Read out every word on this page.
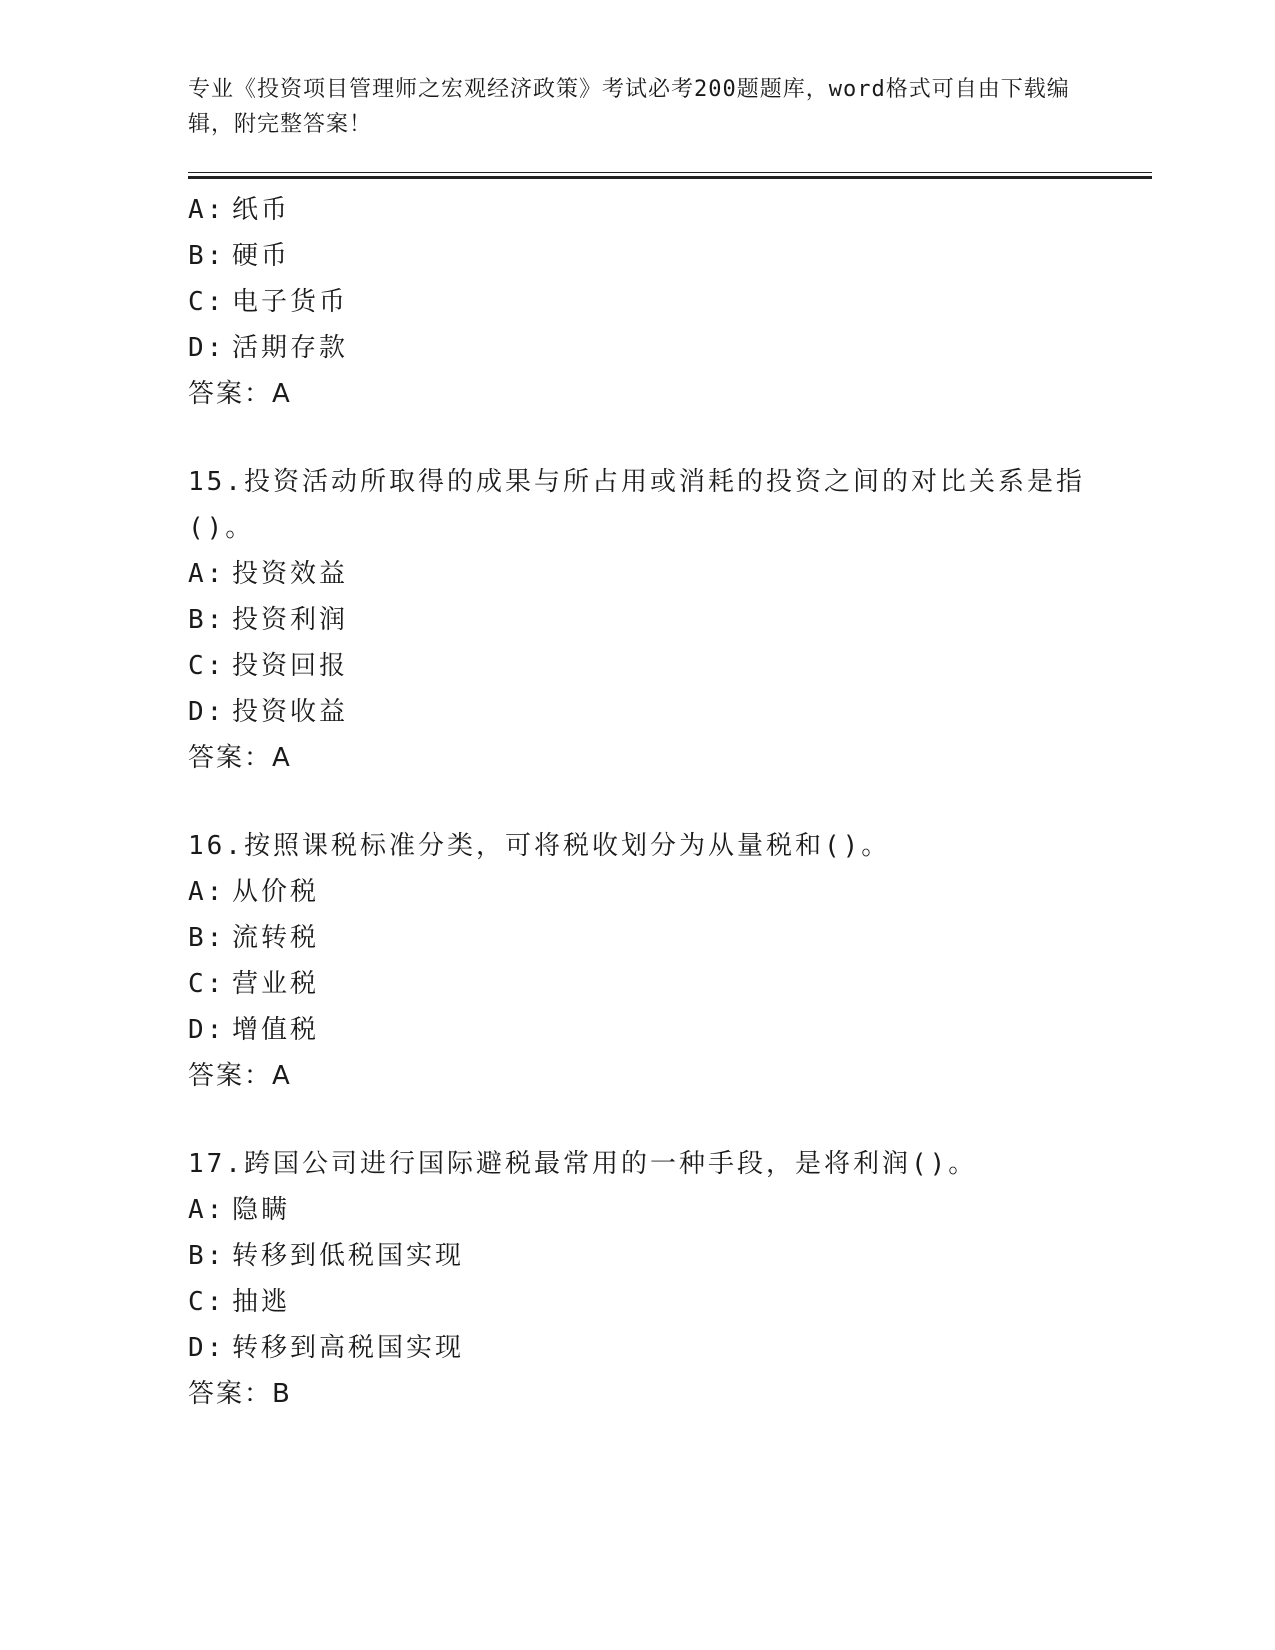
专业《投资项目管理师之宏观经济政策》考试必考200题题库，word格式可自由下载编辑，附完整答案！
A: 纸币
B: 硬币
C: 电子货币
D: 活期存款
答案：A
15.投资活动所取得的成果与所占用或消耗的投资之间的对比关系是指()。
A: 投资效益
B: 投资利润
C: 投资回报
D: 投资收益
答案：A
16.按照课税标准分类，可将税收划分为从量税和()。
A: 从价税
B: 流转税
C: 营业税
D: 增值税
答案：A
17.跨国公司进行国际避税最常用的一种手段，是将利润()。
A: 隐瞒
B: 转移到低税国实现
C: 抽逃
D: 转移到高税国实现
答案：B
